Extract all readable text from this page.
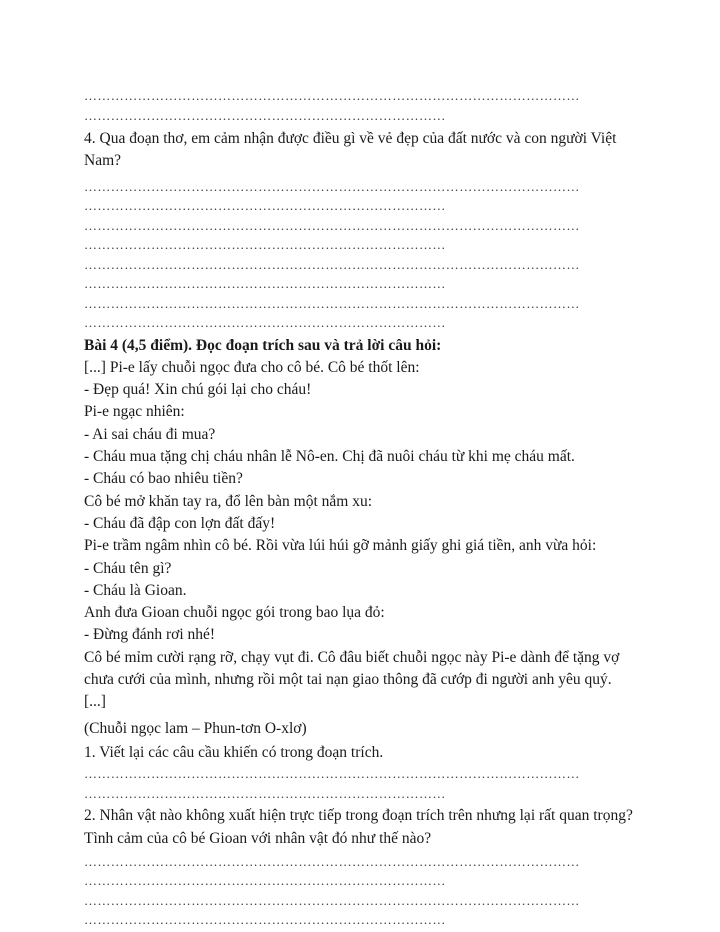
…………………………………………………………………………………………………
………………………………………………………………………
4. Qua đoạn thơ, em cảm nhận được điều gì về vẻ đẹp của đất nước và con người Việt Nam?
…………………………………………………………………………………………………
………………………………………………………………………
…………………………………………………………………………………………………
………………………………………………………………………
…………………………………………………………………………………………………
………………………………………………………………………
…………………………………………………………………………………………………
………………………………………………………………………
Bài 4 (4,5 điểm). Đọc đoạn trích sau và trả lời câu hỏi:
[...] Pi-e lấy chuỗi ngọc đưa cho cô bé. Cô bé thốt lên:
- Đẹp quá! Xin chú gói lại cho cháu!
Pi-e ngạc nhiên:
- Ai sai cháu đi mua?
- Cháu mua tặng chị cháu nhân lễ Nô-en. Chị đã nuôi cháu từ khi mẹ cháu mất.
- Cháu có bao nhiêu tiền?
Cô bé mở khăn tay ra, đổ lên bàn một nắm xu:
- Cháu đã đập con lợn đất đấy!
Pi-e trầm ngâm nhìn cô bé. Rồi vừa lúi húi gỡ mảnh giấy ghi giá tiền, anh vừa hỏi:
- Cháu tên gì?
- Cháu là Gioan.
Anh đưa Gioan chuỗi ngọc gói trong bao lụa đỏ:
- Đừng đánh rơi nhé!
Cô bé mỉm cười rạng rỡ, chạy vụt đi. Cô đâu biết chuỗi ngọc này Pi-e dành để tặng vợ chưa cưới của mình, nhưng rồi một tai nạn giao thông đã cướp đi người anh yêu quý. [...]
(Chuỗi ngọc lam – Phun-tơn O-xlơ)
1. Viết lại các câu cầu khiến có trong đoạn trích.
…………………………………………………………………………………………………
………………………………………………………………………
2. Nhân vật nào không xuất hiện trực tiếp trong đoạn trích trên nhưng lại rất quan trọng? Tình cảm của cô bé Gioan với nhân vật đó như thế nào?
…………………………………………………………………………………………………
………………………………………………………………………
…………………………………………………………………………………………………
………………………………………………………………………
